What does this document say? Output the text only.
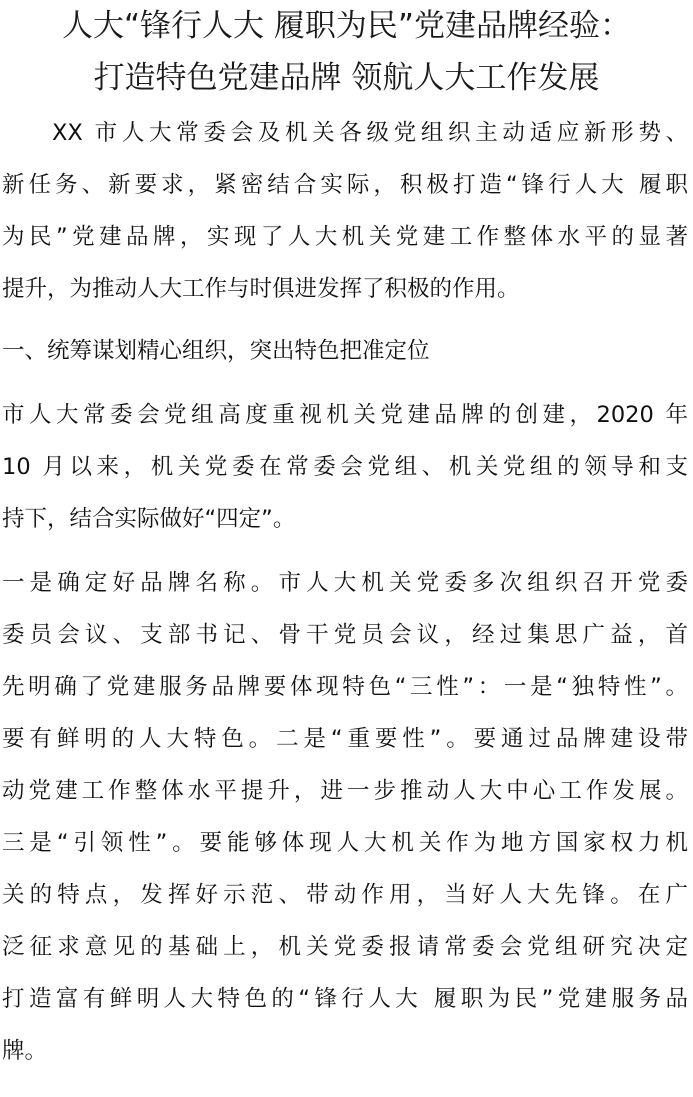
人大“锋行人大 履职为民”党建品牌经验：
打造特色党建品牌 领航人大工作发展
XX 市人大常委会及机关各级党组织主动适应新形势、
新任务、新要求，紧密结合实际，积极打造“锋行人大 履职
为民”党建品牌，实现了人大机关党建工作整体水平的显著
提升，为推动人大工作与时俱进发挥了积极的作用。
一、统筹谋划精心组织，突出特色把准定位
市人大常委会党组高度重视机关党建品牌的创建，2020 年
10 月以来，机关党委在常委会党组、机关党组的领导和支
持下，结合实际做好“四定”。
一是确定好品牌名称。市人大机关党委多次组织召开党委
委员会议、支部书记、骨干党员会议，经过集思广益，首
先明确了党建服务品牌要体现特色“三性”：一是“独特性”。
要有鲜明的人大特色。二是“重要性”。要通过品牌建设带
动党建工作整体水平提升，进一步推动人大中心工作发展。
三是“引领性”。要能够体现人大机关作为地方国家权力机
关的特点，发挥好示范、带动作用，当好人大先锋。在广
泛征求意见的基础上，机关党委报请常委会党组研究决定
打造富有鲜明人大特色的“锋行人大 履职为民”党建服务品
牌。
